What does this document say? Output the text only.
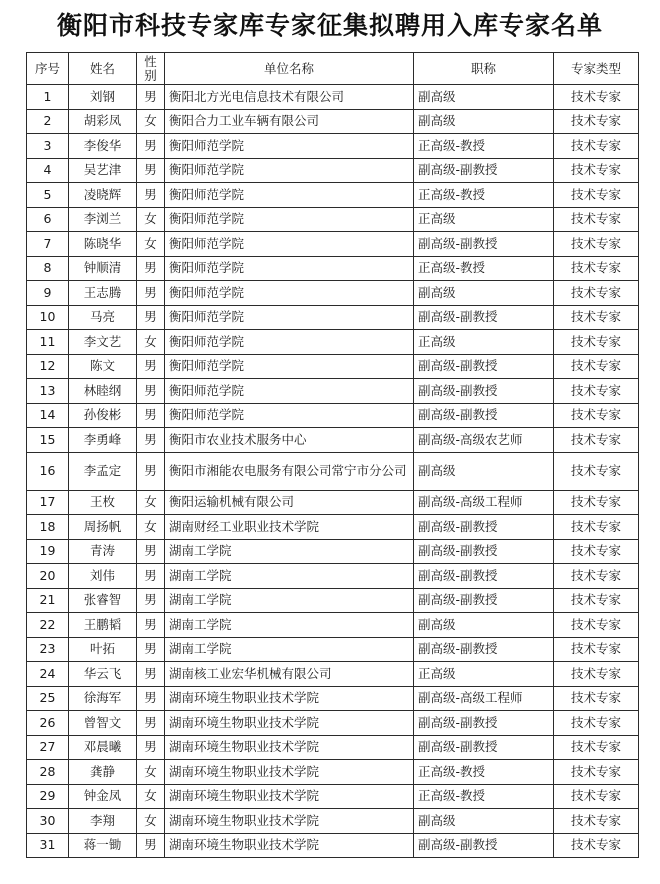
衡阳市科技专家库专家征集拟聘用入库专家名单
序号	姓名	性别	单位名称	职称	专家类型
1	刘钢	男	衡阳北方光电信息技术有限公司	副高级	技术专家
2	胡彩凤	女	衡阳合力工业车辆有限公司	副高级	技术专家
3	李俊华	男	衡阳师范学院	正高级-教授	技术专家
4	吴艺津	男	衡阳师范学院	副高级-副教授	技术专家
5	凌晓辉	男	衡阳师范学院	正高级-教授	技术专家
6	李浏兰	女	衡阳师范学院	正高级	技术专家
7	陈晓华	女	衡阳师范学院	副高级-副教授	技术专家
8	钟顺清	男	衡阳师范学院	正高级-教授	技术专家
9	王志腾	男	衡阳师范学院	副高级	技术专家
10	马亮	男	衡阳师范学院	副高级-副教授	技术专家
11	李文艺	女	衡阳师范学院	正高级	技术专家
12	陈文	男	衡阳师范学院	副高级-副教授	技术专家
13	林睦纲	男	衡阳师范学院	副高级-副教授	技术专家
14	孙俊彬	男	衡阳师范学院	副高级-副教授	技术专家
15	李勇峰	男	衡阳市农业技术服务中心	副高级-高级农艺师	技术专家
16	李孟定	男	衡阳市湘能农电服务有限公司常宁市分公司	副高级	技术专家
17	王枚	女	衡阳运输机械有限公司	副高级-高级工程师	技术专家
18	周扬帆	女	湖南财经工业职业技术学院	副高级-副教授	技术专家
19	青涛	男	湖南工学院	副高级-副教授	技术专家
20	刘伟	男	湖南工学院	副高级-副教授	技术专家
21	张睿智	男	湖南工学院	副高级-副教授	技术专家
22	王鹏韬	男	湖南工学院	副高级	技术专家
23	叶拓	男	湖南工学院	副高级-副教授	技术专家
24	华云飞	男	湖南核工业宏华机械有限公司	正高级	技术专家
25	徐海军	男	湖南环境生物职业技术学院	副高级-高级工程师	技术专家
26	曾智文	男	湖南环境生物职业技术学院	副高级-副教授	技术专家
27	邓晨曦	男	湖南环境生物职业技术学院	副高级-副教授	技术专家
28	龚静	女	湖南环境生物职业技术学院	正高级-教授	技术专家
29	钟金凤	女	湖南环境生物职业技术学院	正高级-教授	技术专家
30	李翔	女	湖南环境生物职业技术学院	副高级	技术专家
31	蒋一锄	男	湖南环境生物职业技术学院	副高级-副教授	技术专家
